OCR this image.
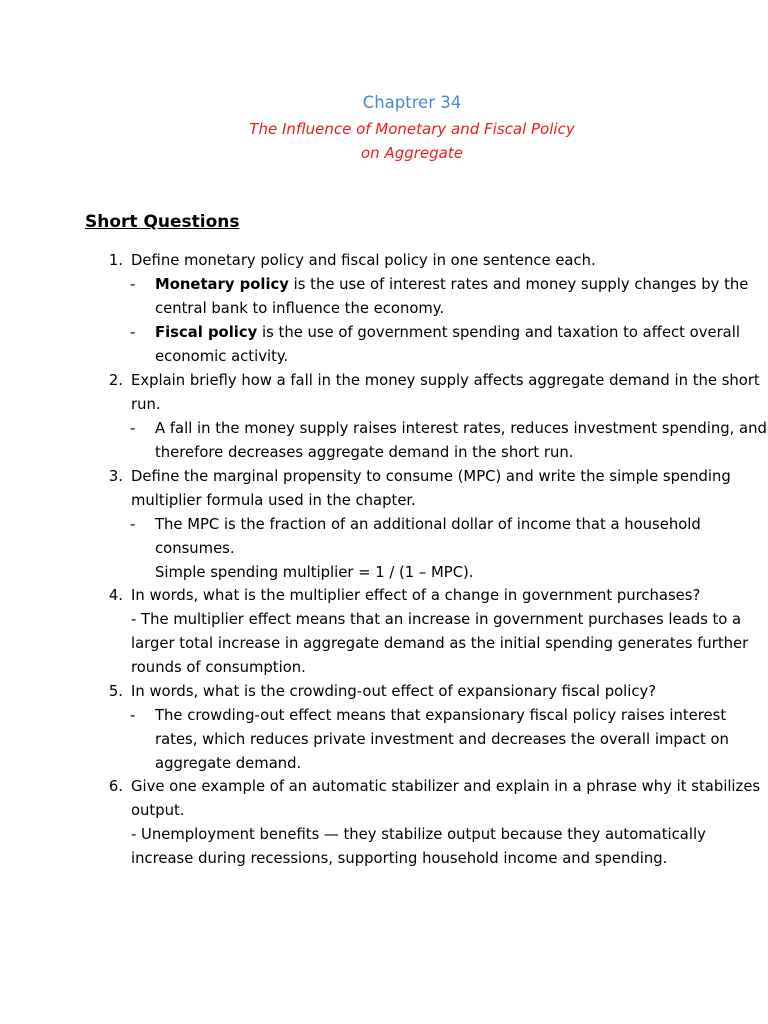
Chaptrer 34
The Influence of Monetary and Fiscal Policy
on Aggregate
Short Questions
1. Define monetary policy and fiscal policy in one sentence each.
- Monetary policy is the use of interest rates and money supply changes by the
central bank to influence the economy.
- Fiscal policy is the use of government spending and taxation to affect overall
economic activity.
2. Explain briefly how a fall in the money supply affects aggregate demand in the short
run.
- A fall in the money supply raises interest rates, reduces investment spending, and
therefore decreases aggregate demand in the short run.
3. Define the marginal propensity to consume (MPC) and write the simple spending
multiplier formula used in the chapter.
- The MPC is the fraction of an additional dollar of income that a household
consumes.
Simple spending multiplier = 1 / (1 – MPC).
4. In words, what is the multiplier effect of a change in government purchases?
- The multiplier effect means that an increase in government purchases leads to a
larger total increase in aggregate demand as the initial spending generates further
rounds of consumption.
5. In words, what is the crowding-out effect of expansionary fiscal policy?
- The crowding-out effect means that expansionary fiscal policy raises interest
rates, which reduces private investment and decreases the overall impact on
aggregate demand.
6. Give one example of an automatic stabilizer and explain in a phrase why it stabilizes
output.
- Unemployment benefits — they stabilize output because they automatically
increase during recessions, supporting household income and spending.
